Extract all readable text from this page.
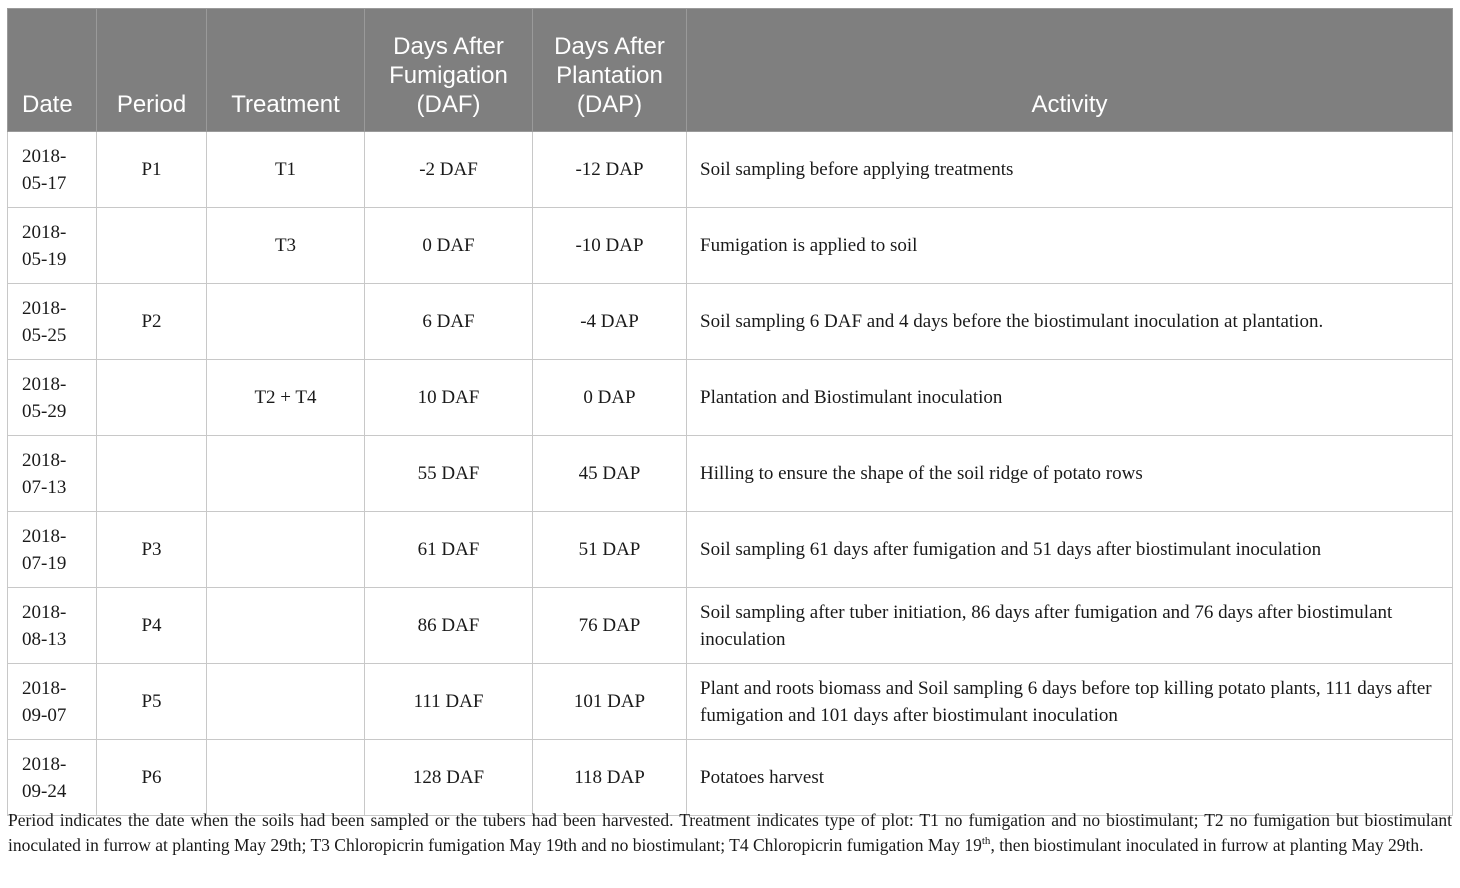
Date	Period	Treatment	Days After Fumigation (DAF)	Days After Plantation (DAP)	Activity
2018-05-17	P1	T1	-2 DAF	-12 DAP	Soil sampling before applying treatments
2018-05-19		T3	0 DAF	-10 DAP	Fumigation is applied to soil
2018-05-25	P2		6 DAF	-4 DAP	Soil sampling 6 DAF and 4 days before the biostimulant inoculation at plantation.
2018-05-29		T2 + T4	10 DAF	0 DAP	Plantation and Biostimulant inoculation
2018-07-13			55 DAF	45 DAP	Hilling to ensure the shape of the soil ridge of potato rows
2018-07-19	P3		61 DAF	51 DAP	Soil sampling 61 days after fumigation and 51 days after biostimulant inoculation
2018-08-13	P4		86 DAF	76 DAP	Soil sampling after tuber initiation, 86 days after fumigation and 76 days after biostimulant inoculation
2018-09-07	P5		111 DAF	101 DAP	Plant and roots biomass and Soil sampling 6 days before top killing potato plants, 111 days after fumigation and 101 days after biostimulant inoculation
2018-09-24	P6		128 DAF	118 DAP	Potatoes harvest

Period indicates the date when the soils had been sampled or the tubers had been harvested. Treatment indicates type of plot: T1 no fumigation and no biostimulant; T2 no fumigation but biostimulant inoculated in furrow at planting May 29th; T3 Chloropicrin fumigation May 19th and no biostimulant; T4 Chloropicrin fumigation May 19th, then biostimulant inoculated in furrow at planting May 29th.
